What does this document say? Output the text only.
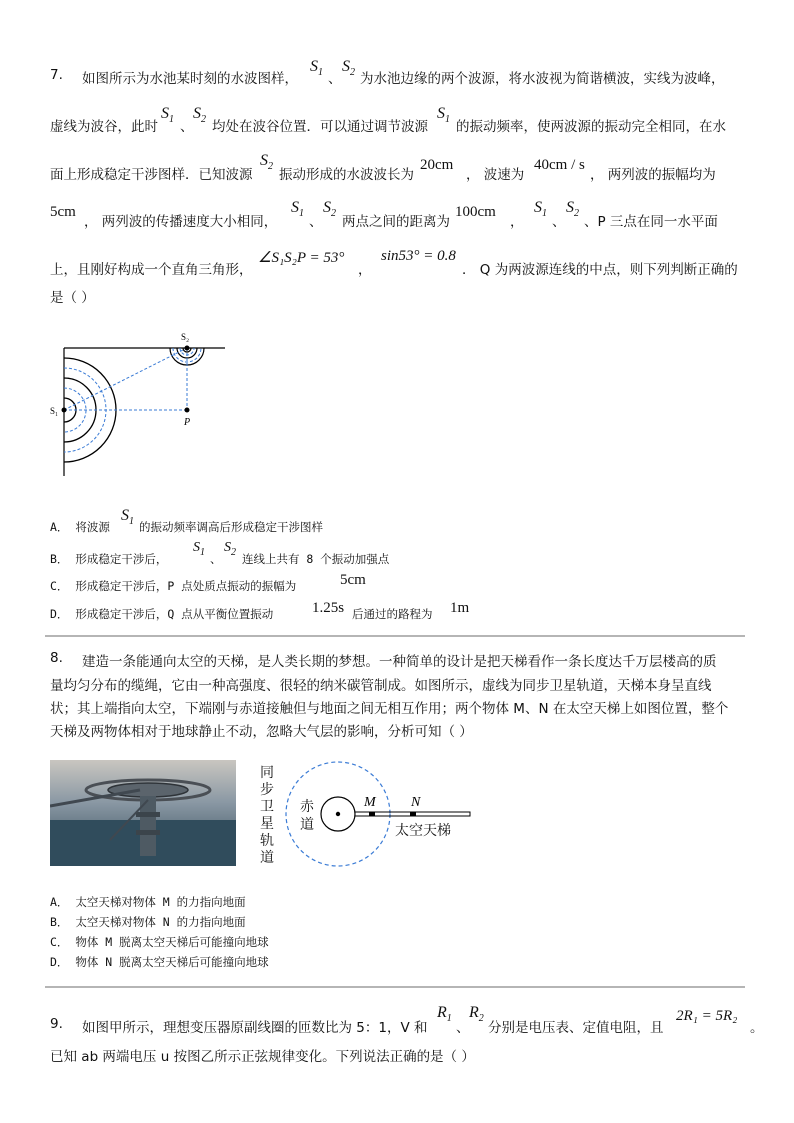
7. 如图所示为水池某时刻的水波图样，
$S_1$ 、
$S_2$ 为水池边缘的两个波源，将水波视为简谐横波，实线为波峰，
虚线为波谷，此时
$S_1$ 、
$S_2$ 均处在波谷位置．可以通过调节波源
$S_1$ 的振动频率，使两波源的振动完全相同，在水
面上形成稳定干涉图样．已知波源
$S_2$
振动形成的水波波长为
20cm
， 波速为
40cm / s
， 两列波的振幅均为
5cm
， 两列波的传播速度大小相同，
$S_1$
、
$S_2$
两点之间的距离为
100cm
，
$S_1$
、
$S_2$
、P 三点在同一水平面
上，且刚好构成一个直角三角形，
∠S₁S₂P = 53°
，
sin53° = 0.8
． Q 为两波源连线的中点，则下列判断正确的
是（ ）
S₁
S₂
P
A． 将波源
$S_1$ 的振动频率调高后形成稳定干涉图样
B． 形成稳定干涉后，
$S_1$ 、
$S_2$ 连线上共有 8 个振动加强点
C． 形成稳定干涉后，P 点处质点振动的振幅为	5cm
D． 形成稳定干涉后，Q 点从平衡位置振动	1.25s 后通过的路程为 1m
8. 建造一条能通向太空的天梯，是人类长期的梦想。一种简单的设计是把天梯看作一条长度达千万层楼高的质
量均匀分布的缆绳，它由一种高强度、很轻的纳米碳管制成。如图所示，虚线为同步卫星轨道，天梯本身呈直线
状；其上端指向太空，下端刚与赤道接触但与地面之间无相互作用；两个物体 M、N 在太空天梯上如图位置，整个
天梯及两物体相对于地球静止不动，忽略大气层的影响，分析可知（ ）
同
步
卫
星
轨
道
M	N
赤
道	太空天梯
A． 太空天梯对物体 M 的力指向地面
B． 太空天梯对物体 N 的力指向地面
C． 物体 M 脱离太空天梯后可能撞向地球
D． 物体 N 脱离太空天梯后可能撞向地球
9. 如图甲所示，理想变压器原副线圈的匝数比为 5：1，V 和
$R_1$
、
$R_2$
分别是电压表、定值电阻，且
2R₁ = 5R₂
。
已知 ab 两端电压 u 按图乙所示正弦规律变化。下列说法正确的是（ ）
